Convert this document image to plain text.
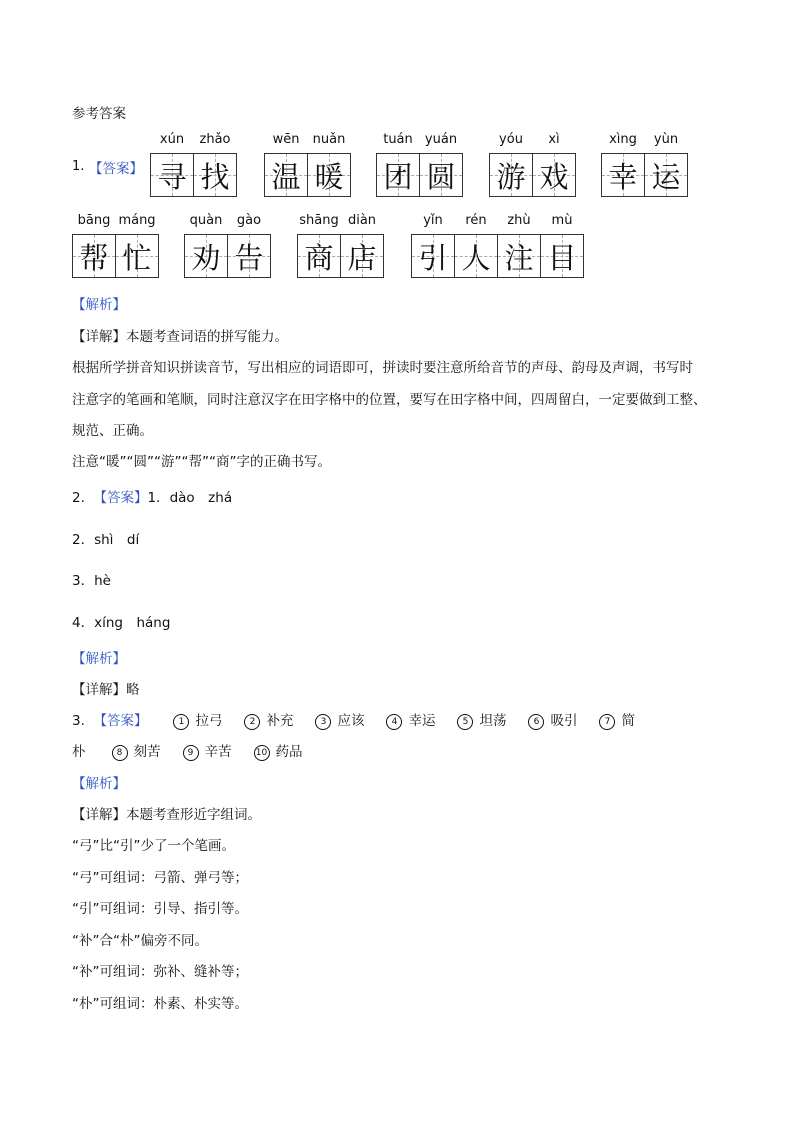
参考答案
1. 【答案】
xún
寻
zhǎo
找
wēn
温
nuǎn
暖
tuán
团
yuán
圆
yóu
游
xì
戏
xìng
幸
yùn
运
bāng
帮
máng
忙
quàn
劝
gào
告
shāng
商
diàn
店
yǐn
引
rén
人
zhù
注
mù
目
【解析】
【详解】本题考查词语的拼写能力。
根据所学拼音知识拼读音节，写出相应的词语即可，拼读时要注意所给音节的声母、韵母及声调，书写时
注意字的笔画和笔顺，同时注意汉字在田字格中的位置，要写在田字格中间，四周留白，一定要做到工整、
规范、正确。
注意“暖”“圆”“游”“帮”“商”字的正确书写。
2. 【答案】1．dào　zhá
2．shì　dí
3．hè
4．xíng　háng
【解析】
【详解】略
3. 【答案】	1 拉弓	2 补充	3 应该	4 幸运	5 坦荡	6 吸引	7 简
朴	8 刻苦	9 辛苦	10 药品
【解析】
【详解】本题考查形近字组词。
“弓”比“引”少了一个笔画。
“弓”可组词：弓箭、弹弓等；
“引”可组词：引导、指引等。
“补”合“朴”偏旁不同。
“补”可组词：弥补、缝补等；
“朴”可组词：朴素、朴实等。
